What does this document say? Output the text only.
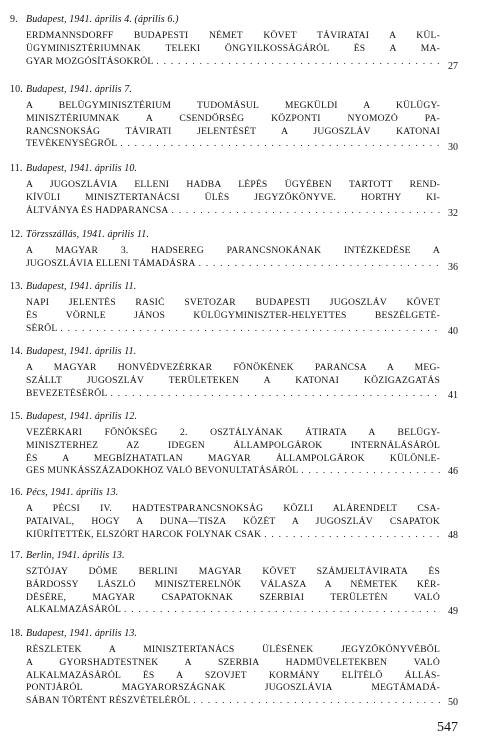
9. Budapest, 1941. április 4. (április 6.)
ERDMANNSDORFF BUDAPESTI NÉMET KÖVET TÁVIRATAI A KÜL-
ÜGYMINISZTÉRIUMNAK TELEKI ÖNGYILKOSSÁGÁRÓL ÉS A MA-
GYAR MOZGÓSÍTÁSOKRÓL . . .	27
10. Budapest, 1941. április 7.
A BELÜGYMINISZTÉRIUM TUDOMÁSUL MEGKÜLDI A KÜLÜGY-
MINISZTÉRIUMNAK A CSENDŐRSÉG KÖZPONTI NYOMOZÓ PA-
RANCSNOKSÁG TÁVIRATI JELENTÉSÉT A JUGOSZLÁV KATONAI
TEVÉKENYSÉGRŐL . . .	30
11. Budapest, 1941. április 10.
A JUGOSZLÁVIA ELLENI HADBA LÉPÉS ÜGYÉBEN TARTOTT REND-
KÍVÜLI MINISZTERTANÁCSI ÜLÉS JEGYZŐKÖNYVE. HORTHY KI-
ÁLTVÁNYA ÉS HADPARANCSA . . .	32
12. Törzsszállás, 1941. április 11.
A MAGYAR 3. HADSEREG PARANCSNOKÁNAK INTÉZKEDÉSE A
JUGOSZLÁVIA ELLENI TÁMADÁSRA . . .	36
13. Budapest, 1941. április 11.
NAPI JELENTÉS RASIĆ SVETOZAR BUDAPESTI JUGOSZLÁV KÖVET
ÉS VÖRNLE JÁNOS KÜLÜGYMINISZTER-HELYETTES BESZÉLGETÉ-
SÉRŐL . . .	40
14. Budapest, 1941. április 11.
A MAGYAR HONVÉDVEZÉRKAR FŐNÖKÉNEK PARANCSA A MEG-
SZÁLLT JUGOSZLÁV TERÜLETEKEN A KATONAI KÖZIGAZGATÁS
BEVEZETÉSÉRŐL . . .	41
15. Budapest, 1941. április 12.
VEZÉRKARI FŐNÖKSÉG 2. OSZTÁLYÁNAK ÁTIRATA A BELÜGY-
MINISZTERHEZ AZ IDEGEN ÁLLAMPOLGÁROK INTERNÁLÁSÁRÓL
ÉS A MEGBÍZHATATLAN MAGYAR ÁLLAMPOLGÁROK KÜLÖNLE-
GES MUNKÁSSZÁZADOKHOZ VALÓ BEVONULTATÁSÁRÓL . . .	46
16. Pécs, 1941. április 13.
A PÉCSI IV. HADTESTPARANCSNOKSÁG KÖZLI ALÁRENDELT CSA-
PATAIVAL, HOGY A DUNA—TISZA KÖZÉT A JUGOSZLÁV CSAPATOK
KIÜRÍTETTÉK, ELSZÓRT HARCOK FOLYNAK CSAK . . .	48
17. Berlin, 1941. április 13.
SZTÓJAY DÖME BERLINI MAGYAR KÖVET SZÁMJELTÁVIRATA ÉS
BÁRDOSSY LÁSZLÓ MINISZTERELNÖK VÁLASZA A NÉMETEK KÉR-
DÉSÉRE, MAGYAR CSAPATOKNAK SZERBIAI TERÜLETÉN VALÓ
ALKALMAZÁSÁRÓL . . .	49
18. Budapest, 1941. április 13.
RÉSZLETEK A MINISZTERTANÁCS ÜLÉSÉNEK JEGYZŐKÖNYVÉBŐL
A GYORSHADTESTNEK A SZERBIA HADMŰVELETEKBEN VALÓ
ALKALMAZÁSÁRÓL ÉS A SZOVJET KORMÁNY ELÍTÉLŐ ÁLLÁS-
PONTJÁRÓL MAGYARORSZÁGNAK JUGOSZLÁVIA MEGTÁMADÁ-
SÁBAN TÖRTÉNT RÉSZVÉTELÉRŐL . . .	50
547
